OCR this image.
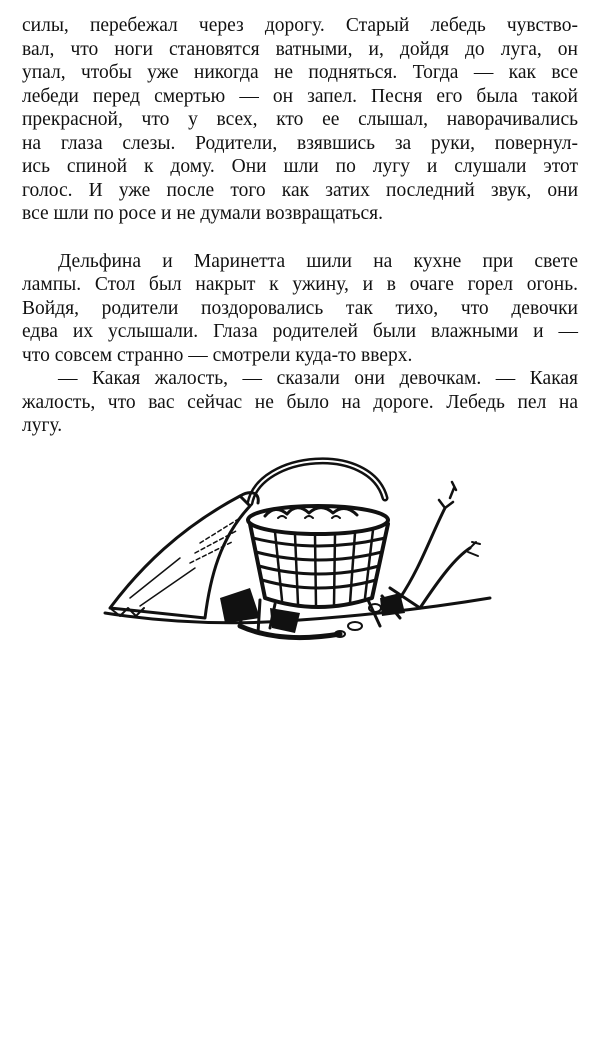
силы, перебежал через дорогу. Старый лебедь чувство-
вал, что ноги становятся ватными, и, дойдя до луга, он
упал, чтобы уже никогда не подняться. Тогда — как все
лебеди перед смертью — он запел. Песня его была такой
прекрасной, что у всех, кто ее слышал, наворачивались
на глаза слезы. Родители, взявшись за руки, повернул-
ись спиной к дому. Они шли по лугу и слушали этот
голос. И уже после того как затих последний звук, они
все шли по росе и не думали возвращаться.
Дельфина и Маринетта шили на кухне при свете
лампы. Стол был накрыт к ужину, и в очаге горел огонь.
Войдя, родители поздоровались так тихо, что девочки
едва их услышали. Глаза родителей были влажными и —
что совсем странно — смотрели куда-то вверх.
— Какая жалость, — сказали они девочкам. — Какая
жалость, что вас сейчас не было на дороге. Лебедь пел на
лугу.
